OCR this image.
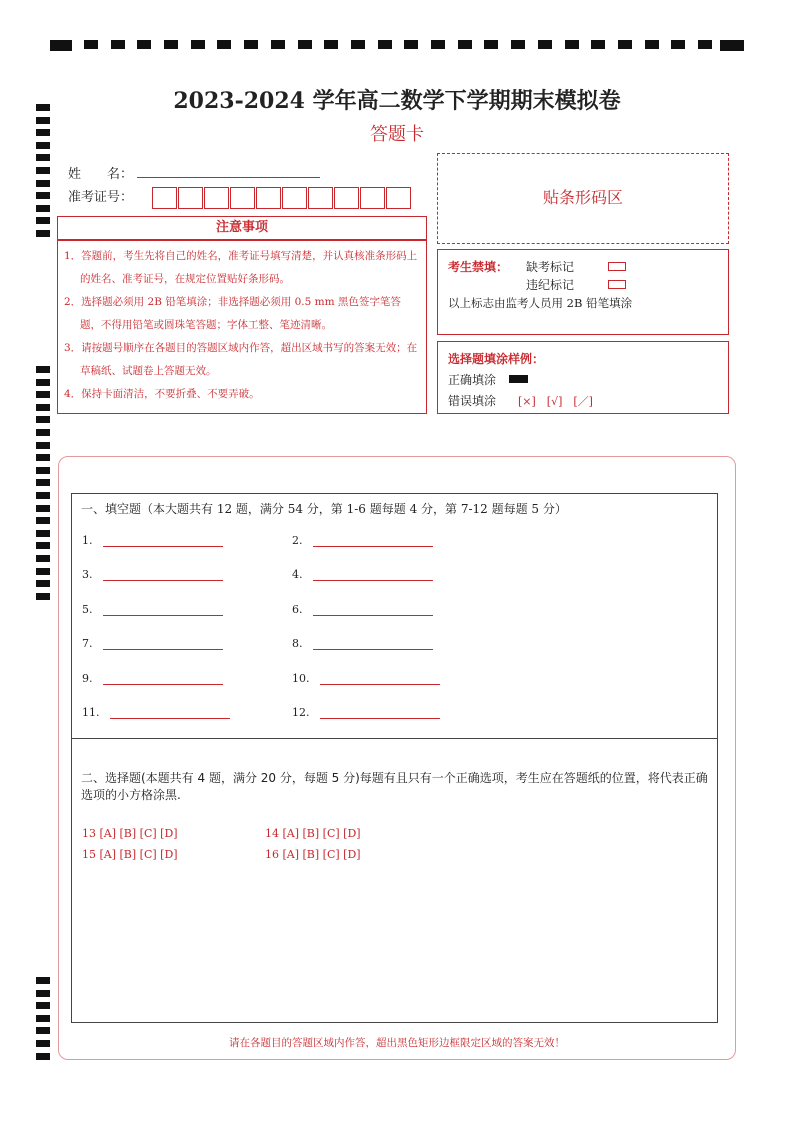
2023-2024 学年高二数学下学期期末模拟卷
答题卡
姓　　名：
准考证号：
注意事项
1．答题前，考生先将自己的姓名，准考证号填写清楚，并认真核准条形码上的姓名、准考证号，在规定位置贴好条形码。
2．选择题必须用 2B 铅笔填涂；非选择题必须用 0.5 mm 黑色签字笔答题，不得用铅笔或圆珠笔答题；字体工整、笔迹清晰。
3．请按题号顺序在各题目的答题区域内作答，超出区域书写的答案无效；在草稿纸、试题卷上答题无效。
4．保持卡面清洁，不要折叠、不要弄破。
贴条形码区
考生禁填： 缺考标记
违纪标记
以上标志由监考人员用 2B 铅笔填涂
选择题填涂样例：
正确填涂
错误填涂 [×]　[√]　[／]
一、填空题（本大题共有 12 题，满分 54 分，第 1-6 题每题 4 分，第 7-12 题每题 5 分）
1.	2.
3.	4.
5.	6.
7.	8.
9.	10.
11.	12.
二、选择题(本题共有 4 题，满分 20 分，每题 5 分)每题有且只有一个正确选项，考生应在答题纸的位置，将代表正确选项的小方格涂黑.
13 [A] [B] [C] [D]	14 [A] [B] [C] [D]
15 [A] [B] [C] [D]	16 [A] [B] [C] [D]
请在各题目的答题区域内作答，超出黑色矩形边框限定区域的答案无效！
